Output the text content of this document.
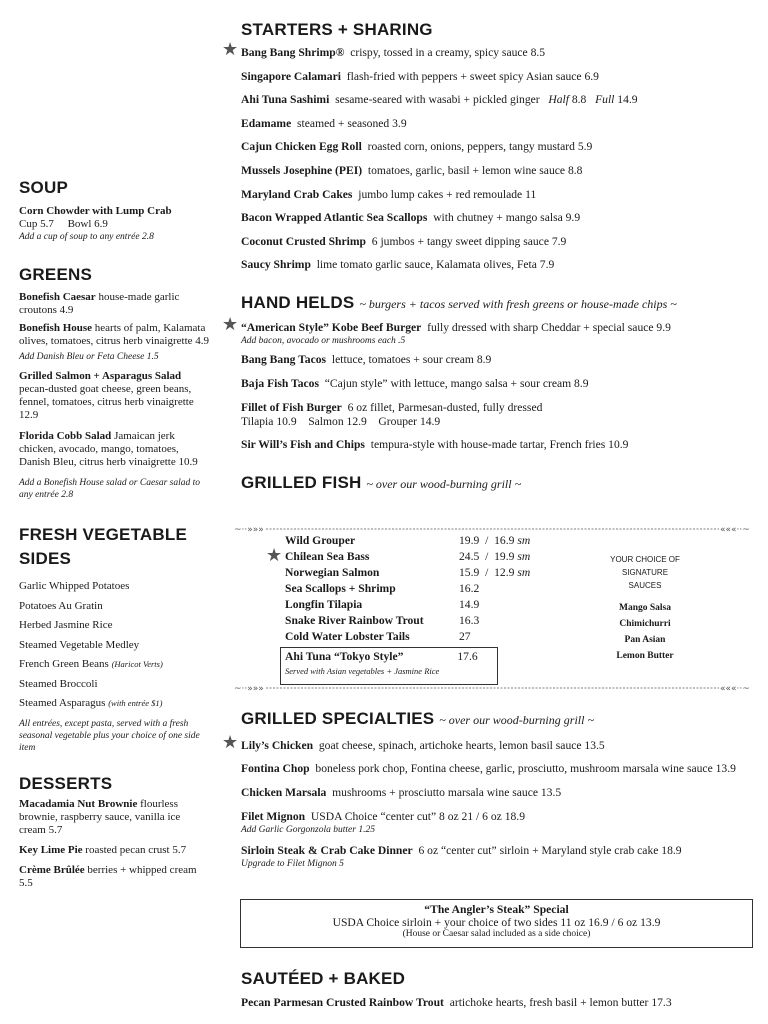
SOUP
Corn Chowder with Lump Crab
Cup 5.7     Bowl 6.9
Add a cup of soup to any entrée 2.8
GREENS
Bonefish Caesar house-made garlic croutons 4.9
Bonefish House hearts of palm, Kalamata olives, tomatoes, citrus herb vinaigrette 4.9
Add Danish Bleu or Feta Cheese 1.5
Grilled Salmon + Asparagus Salad pecan-dusted goat cheese, green beans, fennel, tomatoes, citrus herb vinaigrette 12.9
Florida Cobb Salad Jamaican jerk chicken, avocado, mango, tomatoes, Danish Bleu, citrus herb vinaigrette 10.9
Add a Bonefish House salad or Caesar salad to any entrée 2.8
FRESH VEGETABLE
SIDES
Garlic Whipped Potatoes
Potatoes Au Gratin
Herbed Jasmine Rice
Steamed Vegetable Medley
French Green Beans (Haricot Verts)
Steamed Broccoli
Steamed Asparagus (with entrée $1)
All entrées, except pasta, served with a fresh seasonal vegetable plus your choice of one side item
DESSERTS
Macadamia Nut Brownie flourless brownie, raspberry sauce, vanilla ice cream 5.7
Key Lime Pie roasted pecan crust 5.7
Crème Brûlée berries + whipped cream 5.5
STARTERS + SHARING
★ Bang Bang Shrimp® crispy, tossed in a creamy, spicy sauce 8.5
Singapore Calamari flash-fried with peppers + sweet spicy Asian sauce 6.9
Ahi Tuna Sashimi sesame-seared with wasabi + pickled ginger Half 8.8 Full 14.9
Edamame steamed + seasoned 3.9
Cajun Chicken Egg Roll roasted corn, onions, peppers, tangy mustard 5.9
Mussels Josephine (PEI) tomatoes, garlic, basil + lemon wine sauce 8.8
Maryland Crab Cakes jumbo lump cakes + red remoulade 11
Bacon Wrapped Atlantic Sea Scallops with chutney + mango salsa 9.9
Coconut Crusted Shrimp 6 jumbos + tangy sweet dipping sauce 7.9
Saucy Shrimp lime tomato garlic sauce, Kalamata olives, Feta 7.9
HAND HELDS ~ burgers + tacos served with fresh greens or house-made chips ~
★ “American Style” Kobe Beef Burger fully dressed with sharp Cheddar + special sauce 9.9
Add bacon, avocado or mushrooms each .5
Bang Bang Tacos lettuce, tomatoes + sour cream 8.9
Baja Fish Tacos “Cajun style” with lettuce, mango salsa + sour cream 8.9
Fillet of Fish Burger 6 oz fillet, Parmesan-dusted, fully dressed
Tilapia 10.9    Salmon 12.9    Grouper 14.9
Sir Will’s Fish and Chips tempura-style with house-made tartar, French fries 10.9
GRILLED FISH ~ over our wood-burning grill ~
~··»»»	«««··~
Wild Grouper	19.9  /  16.9 sm
★ Chilean Sea Bass	24.5  /  19.9 sm
Norwegian Salmon	15.9  /  12.9 sm
Sea Scallops + Shrimp	16.2
Longfin Tilapia	14.9
Snake River Rainbow Trout	16.3
Cold Water Lobster Tails	27
Ahi Tuna “Tokyo Style”	17.6
Served with Asian vegetables + Jasmine Rice
YOUR CHOICE OF
SIGNATURE SAUCES
Mango Salsa
Chimichurri
Pan Asian
Lemon Butter
~··»»»	«««··~
GRILLED SPECIALTIES ~ over our wood-burning grill ~
★ Lily’s Chicken goat cheese, spinach, artichoke hearts, lemon basil sauce 13.5
Fontina Chop boneless pork chop, Fontina cheese, garlic, prosciutto, mushroom marsala wine sauce 13.9
Chicken Marsala mushrooms + prosciutto marsala wine sauce 13.5
Filet Mignon USDA Choice “center cut” 8 oz 21 / 6 oz 18.9
Add Garlic Gorgonzola butter 1.25
Sirloin Steak & Crab Cake Dinner 6 oz “center cut” sirloin + Maryland style crab cake 18.9
Upgrade to Filet Mignon 5
“The Angler’s Steak” Special
USDA Choice sirloin + your choice of two sides 11 oz 16.9 / 6 oz 13.9
(House or Caesar salad included as a side choice)
SAUTÉED + BAKED
Pecan Parmesan Crusted Rainbow Trout artichoke hearts, fresh basil + lemon butter 17.3
